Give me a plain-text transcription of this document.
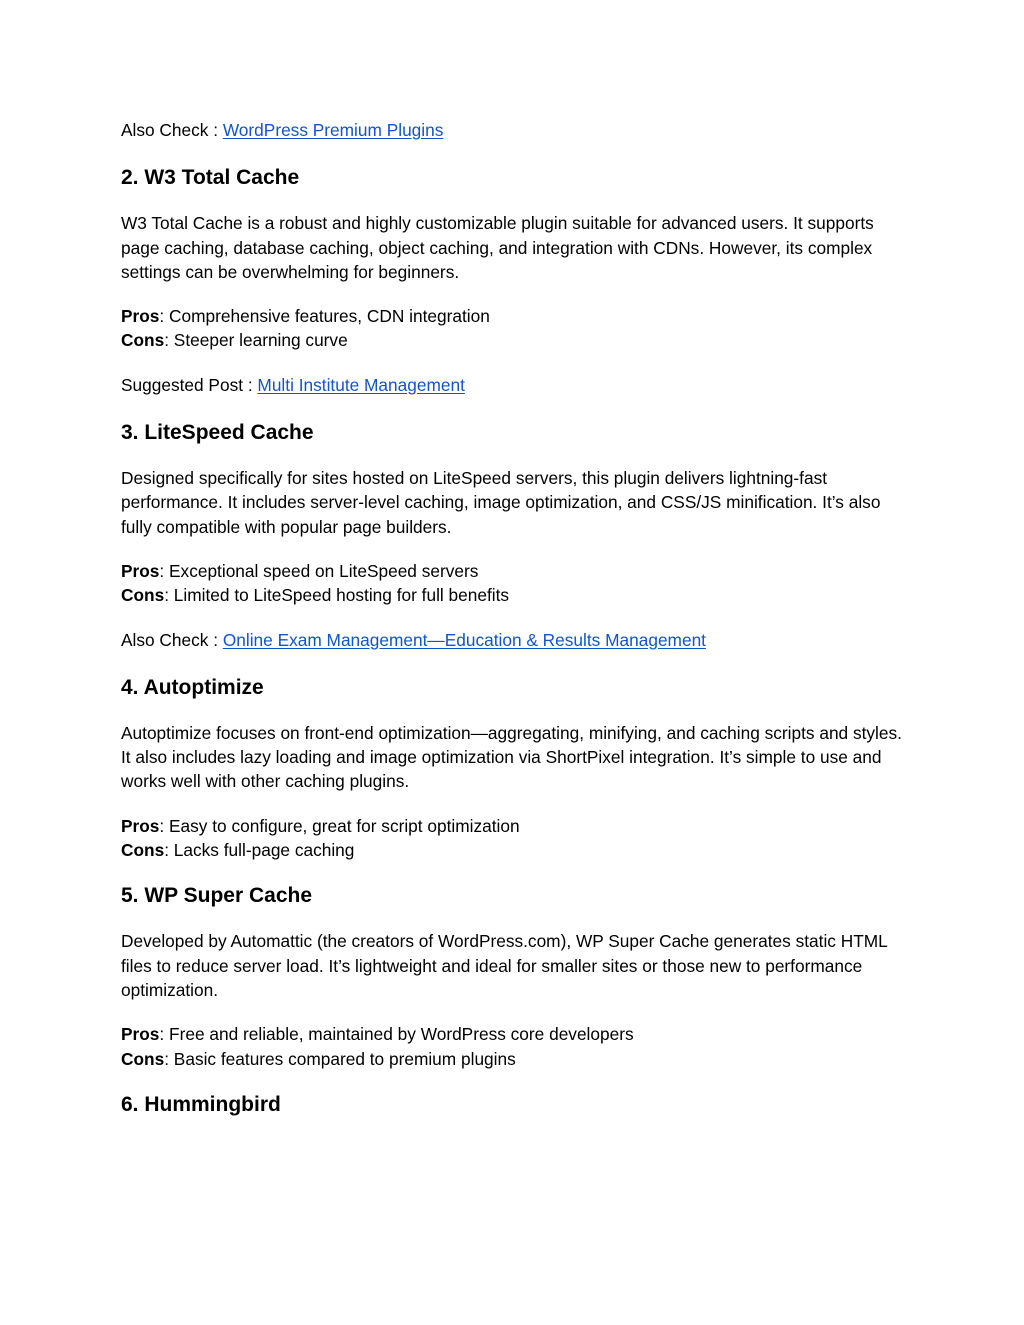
Also Check : WordPress Premium Plugins

2. W3 Total Cache

W3 Total Cache is a robust and highly customizable plugin suitable for advanced users. It supports page caching, database caching, object caching, and integration with CDNs. However, its complex settings can be overwhelming for beginners.

Pros: Comprehensive features, CDN integration
Cons: Steeper learning curve

Suggested Post : Multi Institute Management

3. LiteSpeed Cache

Designed specifically for sites hosted on LiteSpeed servers, this plugin delivers lightning-fast performance. It includes server-level caching, image optimization, and CSS/JS minification. It’s also fully compatible with popular page builders.

Pros: Exceptional speed on LiteSpeed servers
Cons: Limited to LiteSpeed hosting for full benefits

Also Check : Online Exam Management—Education & Results Management

4. Autoptimize

Autoptimize focuses on front-end optimization—aggregating, minifying, and caching scripts and styles. It also includes lazy loading and image optimization via ShortPixel integration. It’s simple to use and works well with other caching plugins.

Pros: Easy to configure, great for script optimization
Cons: Lacks full-page caching

5. WP Super Cache

Developed by Automattic (the creators of WordPress.com), WP Super Cache generates static HTML files to reduce server load. It’s lightweight and ideal for smaller sites or those new to performance optimization.

Pros: Free and reliable, maintained by WordPress core developers
Cons: Basic features compared to premium plugins

6. Hummingbird
